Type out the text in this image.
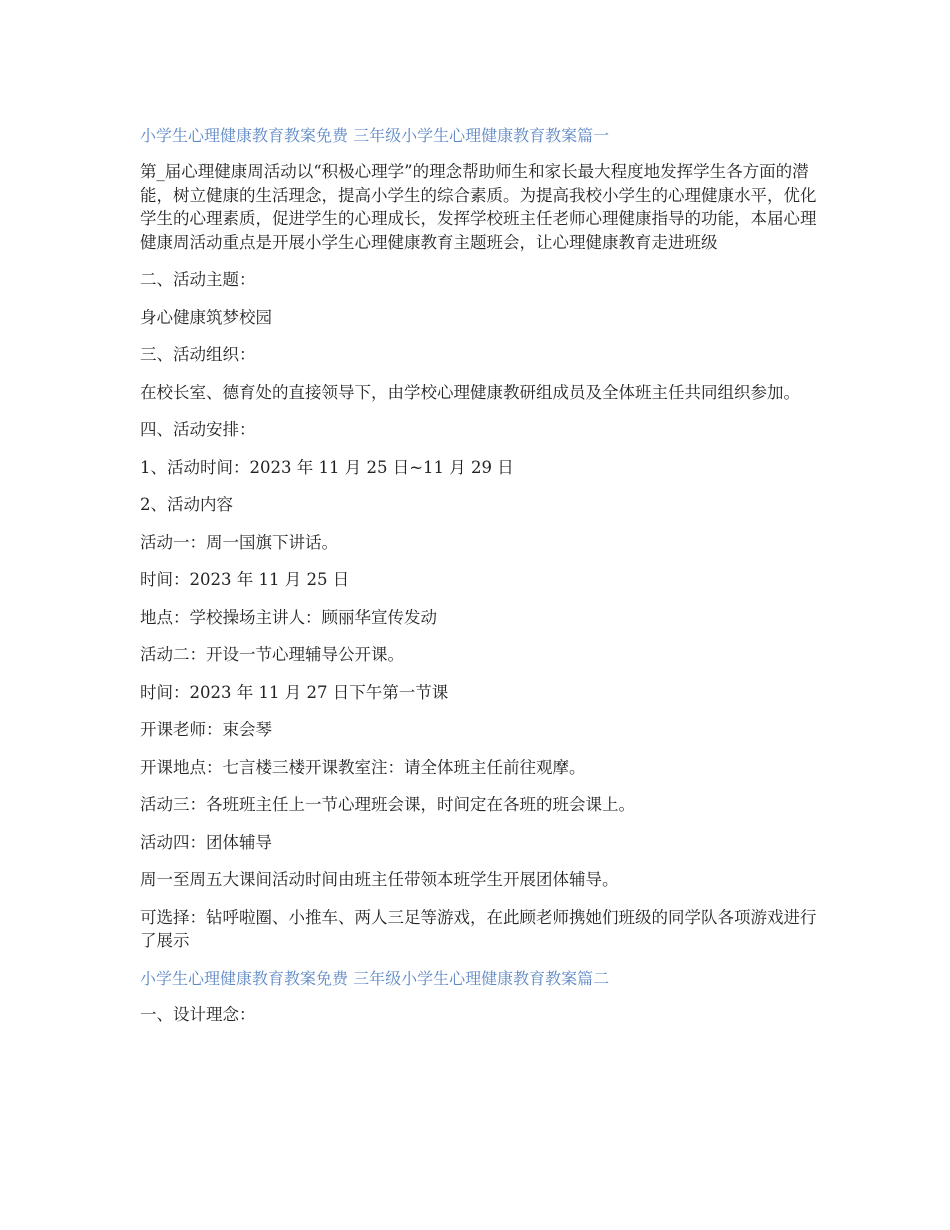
小学生心理健康教育教案免费 三年级小学生心理健康教育教案篇一

第_届心理健康周活动以“积极心理学”的理念帮助师生和家长最大程度地发挥学生各方面的潜能，树立健康的生活理念，提高小学生的综合素质。为提高我校小学生的心理健康水平，优化学生的心理素质，促进学生的心理成长，发挥学校班主任老师心理健康指导的功能，本届心理健康周活动重点是开展小学生心理健康教育主题班会，让心理健康教育走进班级

二、活动主题：

身心健康筑梦校园

三、活动组织：

在校长室、德育处的直接领导下，由学校心理健康教研组成员及全体班主任共同组织参加。

四、活动安排：

1、活动时间：2023 年 11 月 25 日~11 月 29 日

2、活动内容

活动一：周一国旗下讲话。

时间：2023 年 11 月 25 日

地点：学校操场主讲人：顾丽华宣传发动

活动二：开设一节心理辅导公开课。

时间：2023 年 11 月 27 日下午第一节课

开课老师：束会琴

开课地点：七言楼三楼开课教室注：请全体班主任前往观摩。

活动三：各班班主任上一节心理班会课，时间定在各班的班会课上。

活动四：团体辅导

周一至周五大课间活动时间由班主任带领本班学生开展团体辅导。

可选择：钻呼啦圈、小推车、两人三足等游戏，在此顾老师携她们班级的同学队各项游戏进行了展示

小学生心理健康教育教案免费 三年级小学生心理健康教育教案篇二

一、设计理念：
